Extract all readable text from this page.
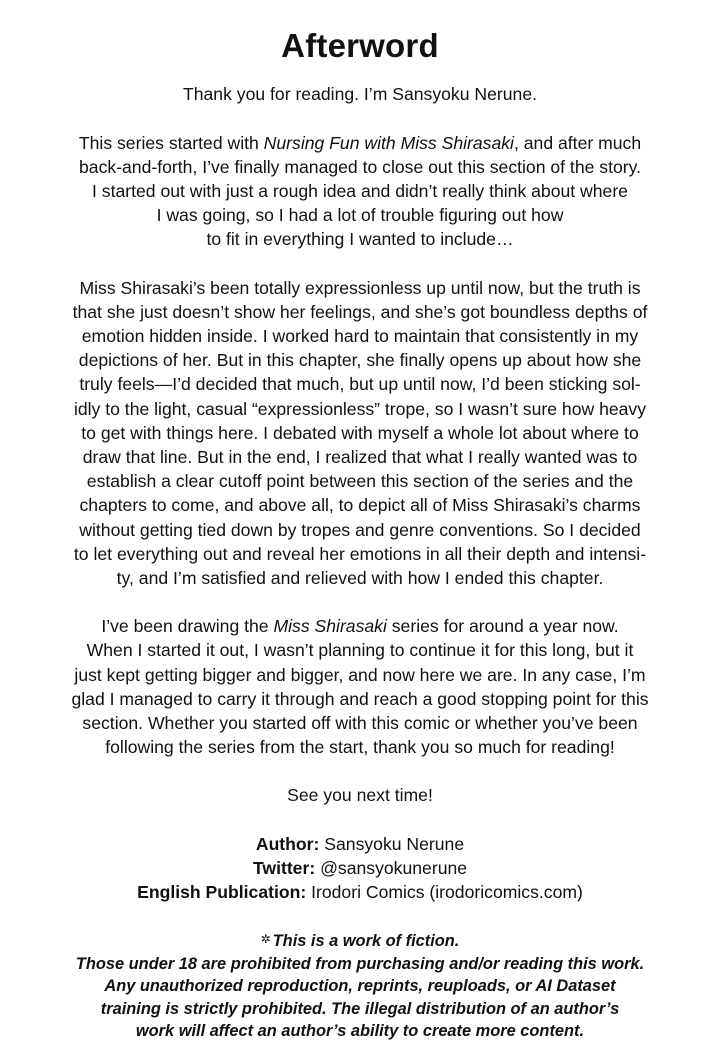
Afterword

Thank you for reading. I’m Sansyoku Nerune.

This series started with Nursing Fun with Miss Shirasaki, and after much
back-and-forth, I’ve finally managed to close out this section of the story.
I started out with just a rough idea and didn’t really think about where
I was going, so I had a lot of trouble figuring out how
to fit in everything I wanted to include…

Miss Shirasaki’s been totally expressionless up until now, but the truth is
that she just doesn’t show her feelings, and she’s got boundless depths of
emotion hidden inside. I worked hard to maintain that consistently in my
depictions of her. But in this chapter, she finally opens up about how she
truly feels—I’d decided that much, but up until now, I’d been sticking sol-
idly to the light, casual “expressionless” trope, so I wasn’t sure how heavy
to get with things here. I debated with myself a whole lot about where to
draw that line. But in the end, I realized that what I really wanted was to
establish a clear cutoff point between this section of the series and the
chapters to come, and above all, to depict all of Miss Shirasaki’s charms
without getting tied down by tropes and genre conventions. So I decided
to let everything out and reveal her emotions in all their depth and intensi-
ty, and I’m satisfied and relieved with how I ended this chapter.

I’ve been drawing the Miss Shirasaki series for around a year now.
When I started it out, I wasn’t planning to continue it for this long, but it
just kept getting bigger and bigger, and now here we are. In any case, I’m
glad I managed to carry it through and reach a good stopping point for this
section. Whether you started off with this comic or whether you’ve been
following the series from the start, thank you so much for reading!

See you next time!

Author: Sansyoku Nerune
Twitter: @sansyokunerune
English Publication: Irodori Comics (irodoricomics.com)

✲ This is a work of fiction.
Those under 18 are prohibited from purchasing and/or reading this work.
Any unauthorized reproduction, reprints, reuploads, or AI Dataset
training is strictly prohibited. The illegal distribution of an author’s
work will affect an author’s ability to create more content.
